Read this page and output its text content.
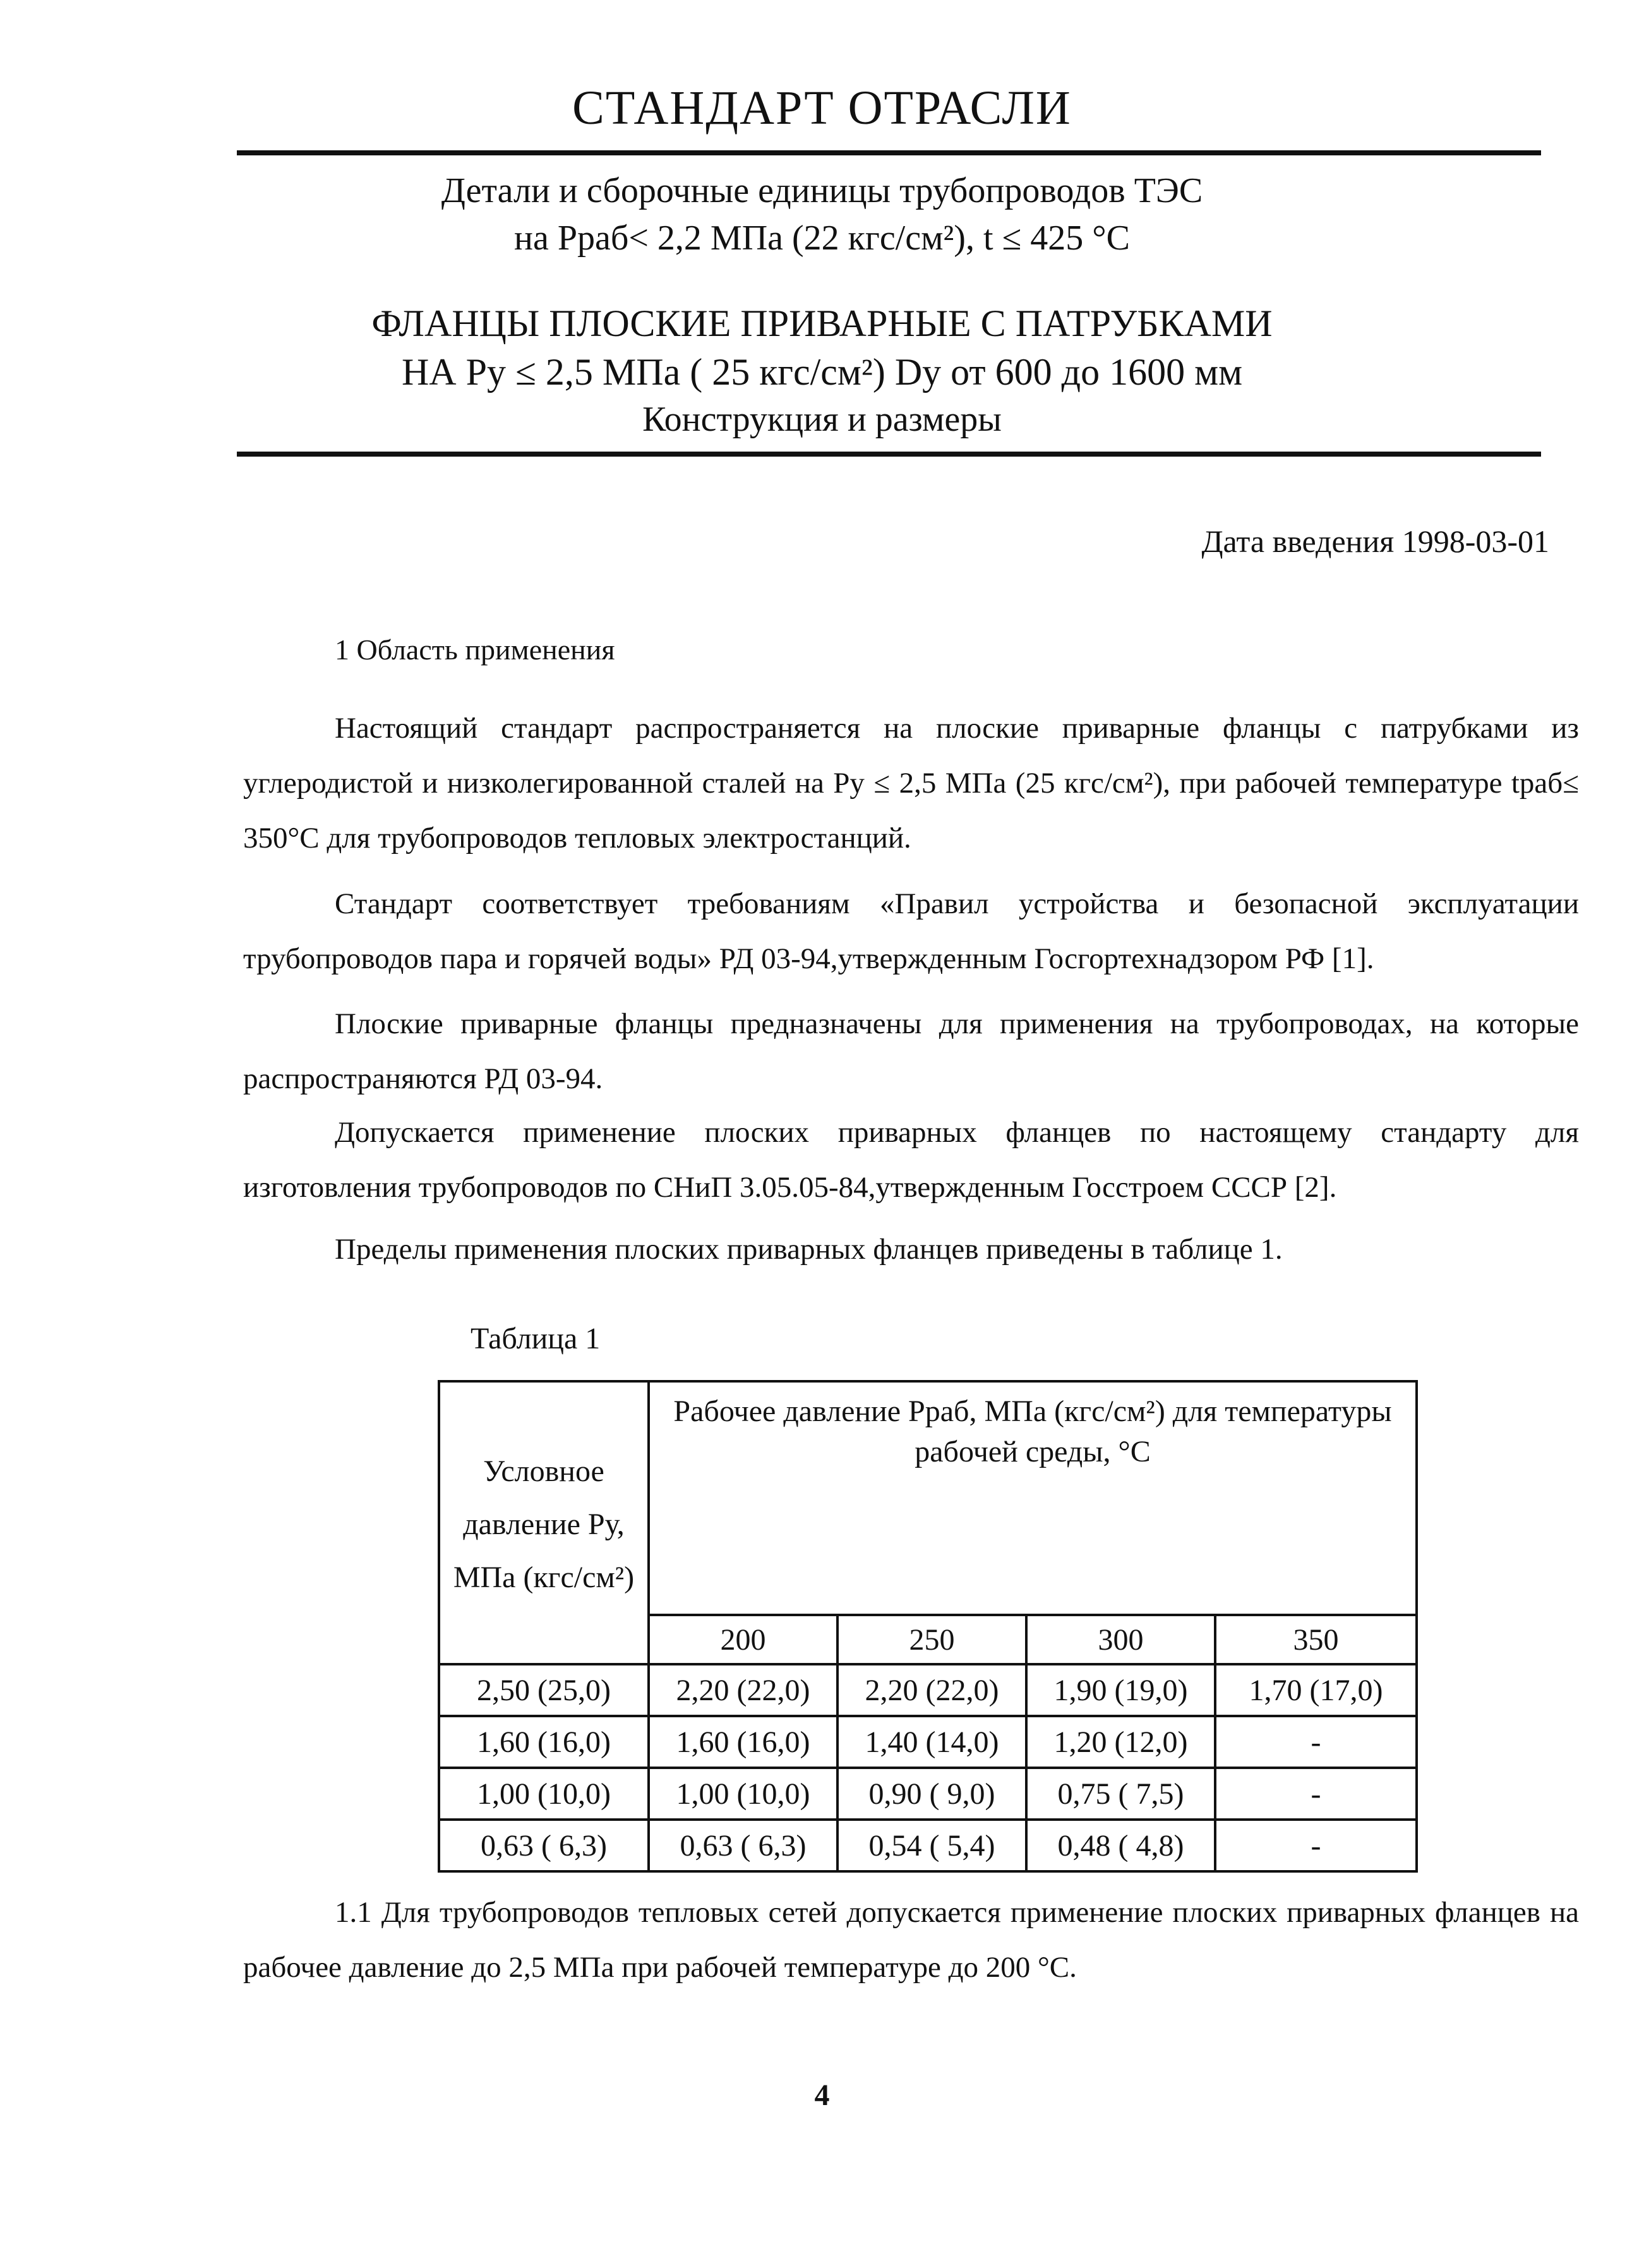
СТАНДАРТ ОТРАСЛИ
Детали и сборочные единицы трубопроводов ТЭС
на Рраб< 2,2 МПа (22 кгс/см²), t ≤ 425 °С
ФЛАНЦЫ ПЛОСКИЕ ПРИВАРНЫЕ С ПАТРУБКАМИ
НА Ру ≤ 2,5 МПа ( 25 кгс/см²) Dу от 600 до 1600 мм
Конструкция и размеры
Дата введения 1998-03-01
1 Область применения

Настоящий стандарт распространяется на плоские приварные фланцы с патрубками из углеродистой и низколегированной сталей на Ру ≤ 2,5 МПа (25 кгс/см²), при рабочей температуре tраб≤ 350°С для трубопроводов тепловых электростанций.

Стандарт соответствует требованиям «Правил устройства и безопасной эксплуатации трубопроводов пара и горячей воды» РД 03-94,утвержденным Госгортехнадзором РФ [1].

Плоские приварные фланцы предназначены для применения на трубопроводах, на которые распространяются РД 03-94.

Допускается применение плоских приварных фланцев по настоящему стандарту для изготовления трубопроводов по СНиП 3.05.05-84,утвержденным Госстроем СССР [2].

Пределы применения плоских приварных фланцев приведены в таблице 1.

Таблица 1
Условное давление Ру, МПа (кгс/см²)	Рабочее давление Рраб, МПа (кгс/см²) для температуры рабочей среды, °С			
	200	250	300	350
2,50 (25,0)	2,20 (22,0)	2,20 (22,0)	1,90 (19,0)	1,70 (17,0)
1,60 (16,0)	1,60 (16,0)	1,40 (14,0)	1,20 (12,0)	-
1,00 (10,0)	1,00 (10,0)	0,90 ( 9,0)	0,75 ( 7,5)	-
0,63 ( 6,3)	0,63 ( 6,3)	0,54 ( 5,4)	0,48 ( 4,8)	-

1.1 Для трубопроводов тепловых сетей допускается применение плоских приварных фланцев на рабочее давление до 2,5 МПа при рабочей температуре до 200 °С.

4
